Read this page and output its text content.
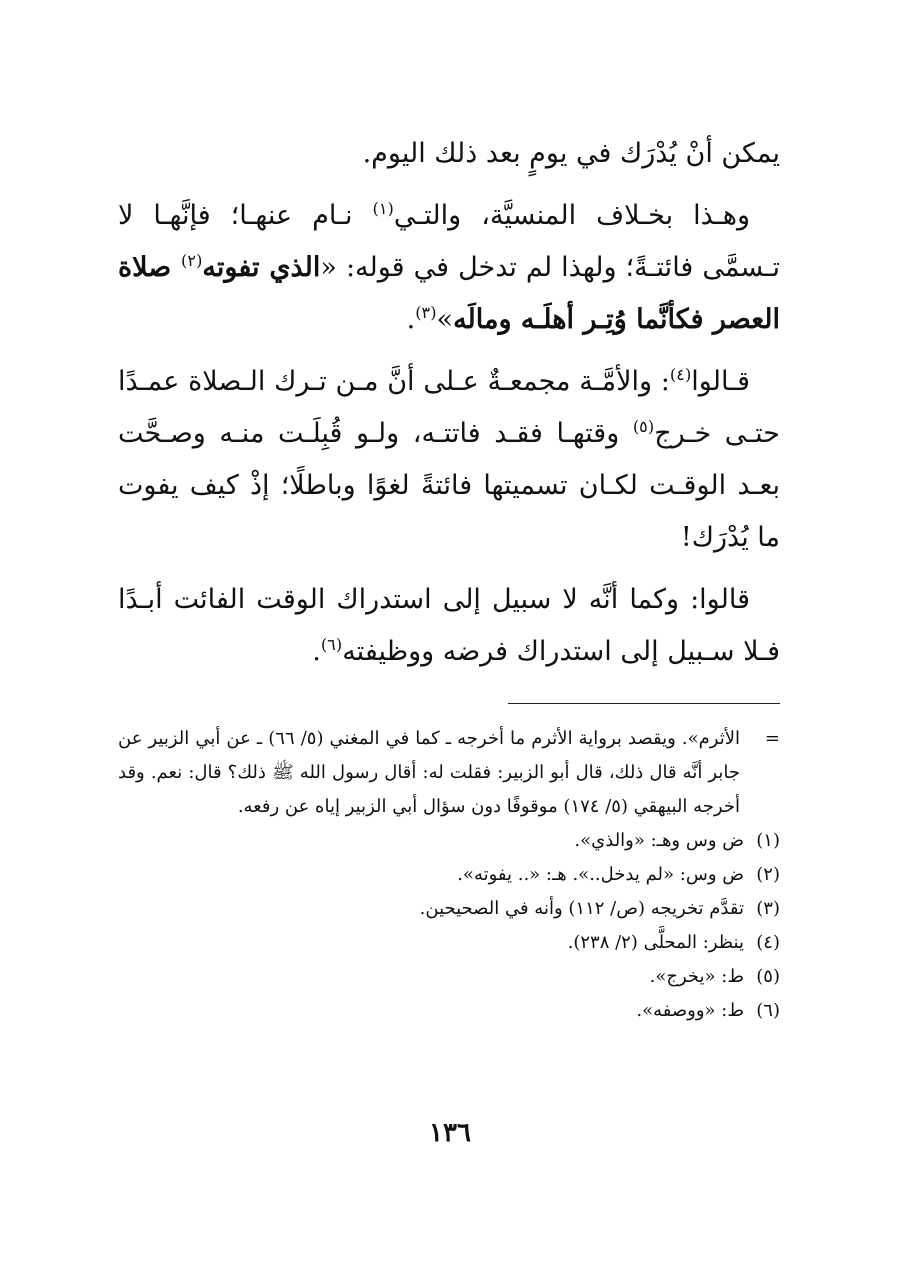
يمكن أنْ يُدْرَك في يومٍ بعد ذلك اليوم.

وهـذا بخـلاف المنسيَّة، والتـي$^{(١)}$ نـام عنهـا؛ فإنَّهـا لا تـسمَّى فائتـةً؛ ولهذا لم تدخل في قوله: «الذي تفوته$^{(٢)}$ صلاة العصر فكأنَّما وُتِـر أهلَـه ومالَه»$^{(٣)}$.

قـالوا$^{(٤)}$: والأمَّـة مجمعـةٌ عـلى أنَّ مـن تـرك الـصلاة عمـدًا حتـى خـرج$^{(٥)}$ وقتهـا فقـد فاتتـه، ولـو قُبِلَـت منـه وصـحَّت بعـد الوقـت لكـان تسميتها فائتةً لغوًا وباطلًا؛ إذْ كيف يفوت ما يُدْرَك!

قالوا: وكما أنَّه لا سبيل إلى استدراك الوقت الفائت أبـدًا فـلا سـبيل إلى استدراك فرضه ووظيفته$^{(٦)}$.

=
الأثرم». ويقصد برواية الأثرم ما أخرجه ـ كما في المغني (٥/ ٦٦) ـ عن أبي الزبير عن جابر أنَّه قال ذلك، قال أبو الزبير: فقلت له: أقال رسول الله ﷺ ذلك؟ قال: نعم. وقد أخرجه البيهقي (٥/ ١٧٤) موقوفًا دون سؤال أبي الزبير إياه عن رفعه.
(١)ض وس وهـ: «والذي».
(٢)ض وس: «لم يدخل..». هـ: «.. يفوته».
(٣)تقدَّم تخريجه (ص/ ١١٢) وأنه في الصحيحين.
(٤)ينظر: المحلَّى (٢/ ٢٣٨).
(٥)ط: «يخرج».
(٦)ط: «ووصفه».
١٣٦
